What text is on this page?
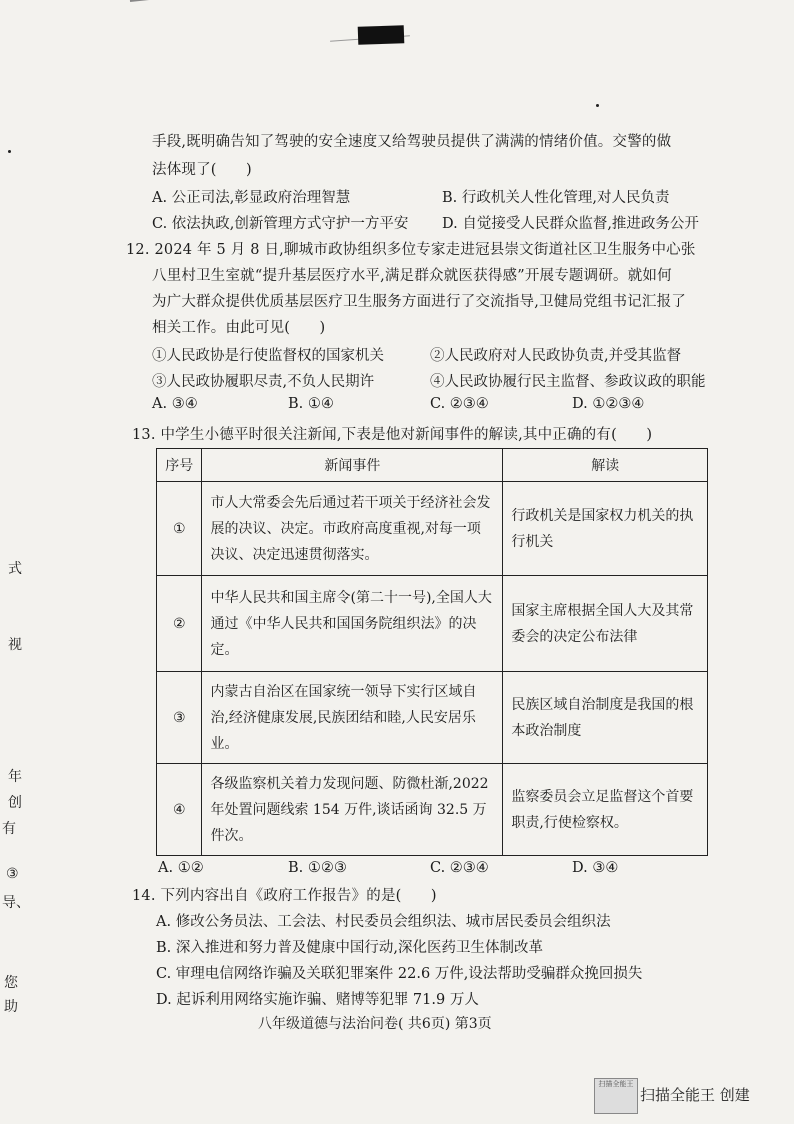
式
视
年
创
有
③
导、
您
助
手段,既明确告知了驾驶的安全速度又给驾驶员提供了满满的情绪价值。交警的做
法体现了(　　)
A. 公正司法,彰显政府治理智慧	B. 行政机关人性化管理,对人民负责
C. 依法执政,创新管理方式守护一方平安 D. 自觉接受人民群众监督,推进政务公开
12. 2024 年 5 月 8 日,聊城市政协组织多位专家走进冠县崇文街道社区卫生服务中心张
八里村卫生室就“提升基层医疗水平,满足群众就医获得感”开展专题调研。就如何
为广大群众提供优质基层医疗卫生服务方面进行了交流指导,卫健局党组书记汇报了
相关工作。由此可见(　　)
①人民政协是行使监督权的国家机关	②人民政府对人民政协负责,并受其监督
③人民政协履职尽责,不负人民期许	④人民政协履行民主监督、参政议政的职能
A. ③④	B. ①④	C. ②③④	D. ①②③④
13. 中学生小德平时很关注新闻,下表是他对新闻事件的解读,其中正确的有(　　)
序号	新闻事件	解读
①	市人大常委会先后通过若干项关于经济社会发展的决议、决定。市政府高度重视,对每一项决议、决定迅速贯彻落实。	行政机关是国家权力机关的执行机关
②	中华人民共和国主席令(第二十一号),全国人大通过《中华人民共和国国务院组织法》的决定。	国家主席根据全国人大及其常委会的决定公布法律
③	内蒙古自治区在国家统一领导下实行区域自治,经济健康发展,民族团结和睦,人民安居乐业。	民族区域自治制度是我国的根本政治制度
④	各级监察机关着力发现问题、防微杜渐,2022 年处置问题线索 154 万件,谈话函询 32.5 万件次。	监察委员会立足监督这个首要职责,行使检察权。
A. ①②	B. ①②③	C. ②③④	D. ③④
14. 下列内容出自《政府工作报告》的是(　　)
A. 修改公务员法、工会法、村民委员会组织法、城市居民委员会组织法
B. 深入推进和努力普及健康中国行动,深化医药卫生体制改革
C. 审理电信网络诈骗及关联犯罪案件 22.6 万件,设法帮助受骗群众挽回损失
D. 起诉利用网络实施诈骗、赌博等犯罪 71.9 万人
八年级道德与法治问卷( 共6页) 第3页
扫描全能王
扫描全能王 创建
